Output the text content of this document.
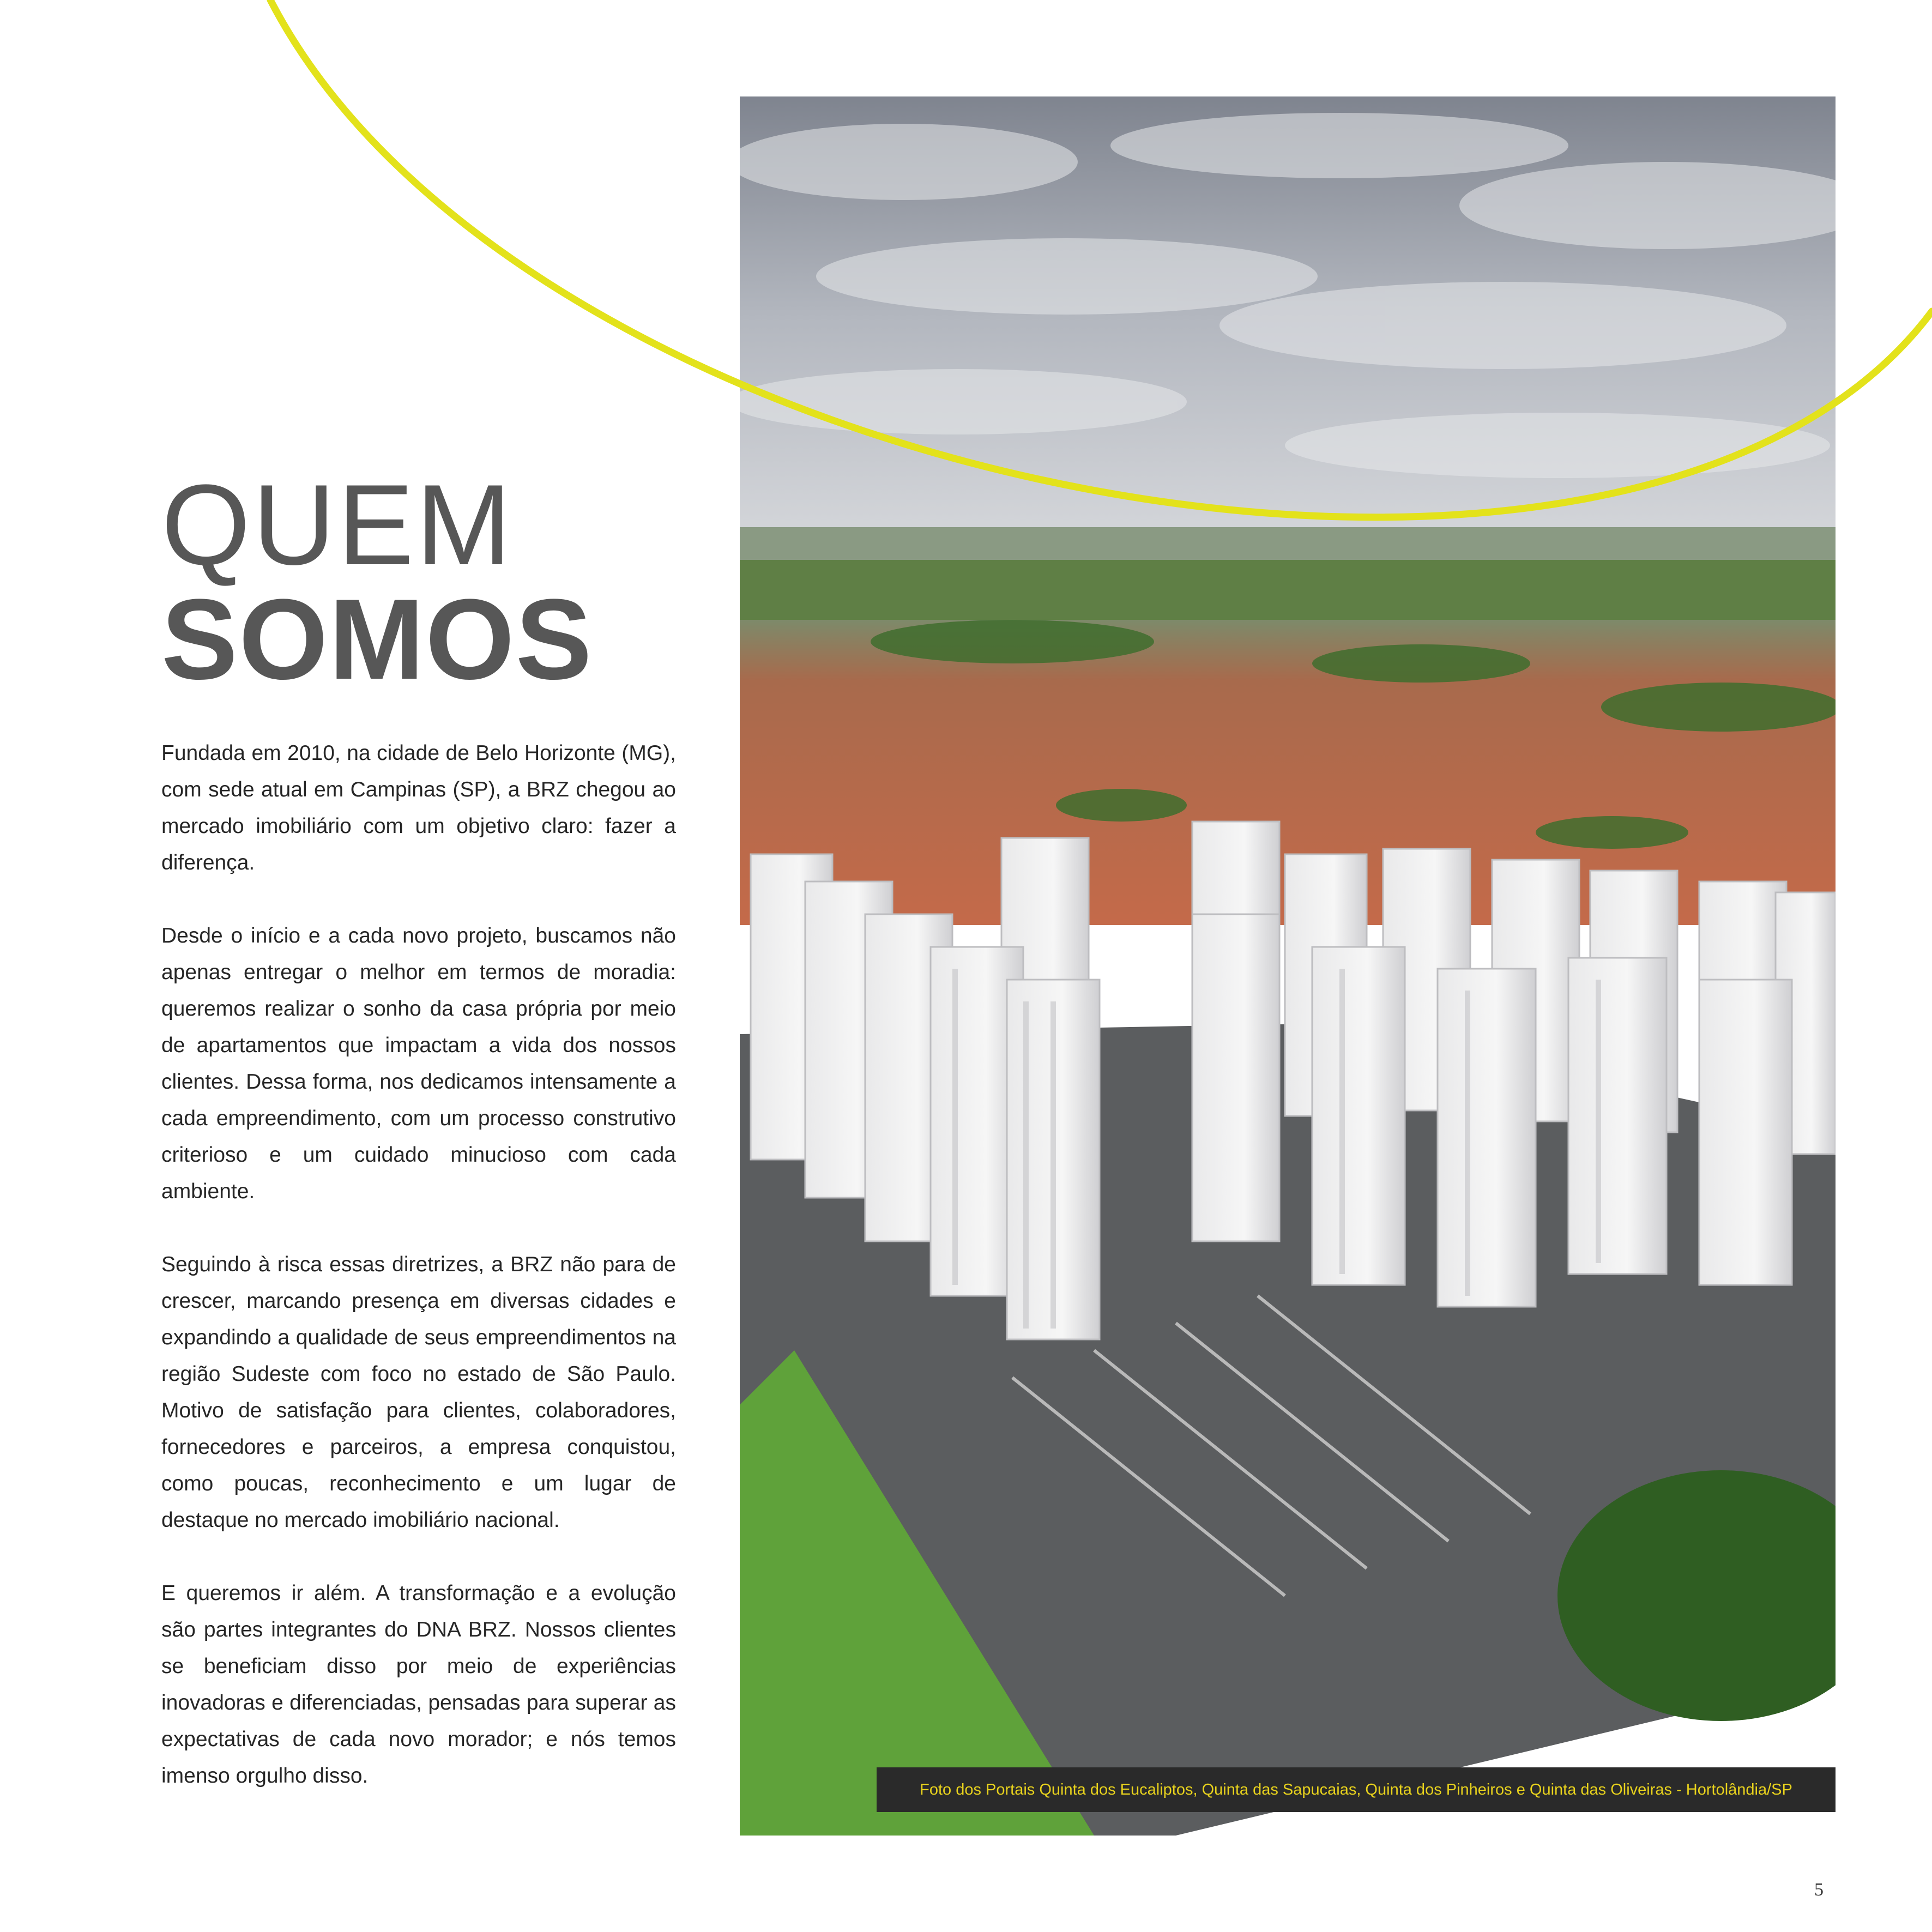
QUEM
SOMOS

Fundada em 2010, na cidade de Belo Horizonte (MG), com sede atual em Campinas (SP), a BRZ chegou ao mercado imobiliário com um objetivo claro: fazer a diferença.

Desde o início e a cada novo projeto, buscamos não apenas entregar o melhor em termos de moradia: queremos realizar o sonho da casa própria por meio de apartamentos que impactam a vida dos nossos clientes. Dessa forma, nos dedicamos intensamente a cada empreendimento, com um processo construtivo criterioso e um cuidado minucioso com cada ambiente.

Seguindo à risca essas diretrizes, a BRZ não para de crescer, marcando presença em diversas cidades e expandindo a qualidade de seus empreendimentos na região Sudeste com foco no estado de São Paulo. Motivo de satisfação para clientes, colaboradores, fornecedores e parceiros, a empresa conquistou, como poucas, reconhecimento e um lugar de destaque no mercado imobiliário nacional.

E queremos ir além. A transformação e a evolução são partes integrantes do DNA BRZ. Nossos clientes se beneficiam disso por meio de experiências inovadoras e diferenciadas, pensadas para superar as expectativas de cada novo morador; e nós temos imenso orgulho disso.

Foto dos Portais Quinta dos Eucaliptos, Quinta das Sapucaias, Quinta dos Pinheiros e Quinta das Oliveiras - Hortolândia/SP
5
